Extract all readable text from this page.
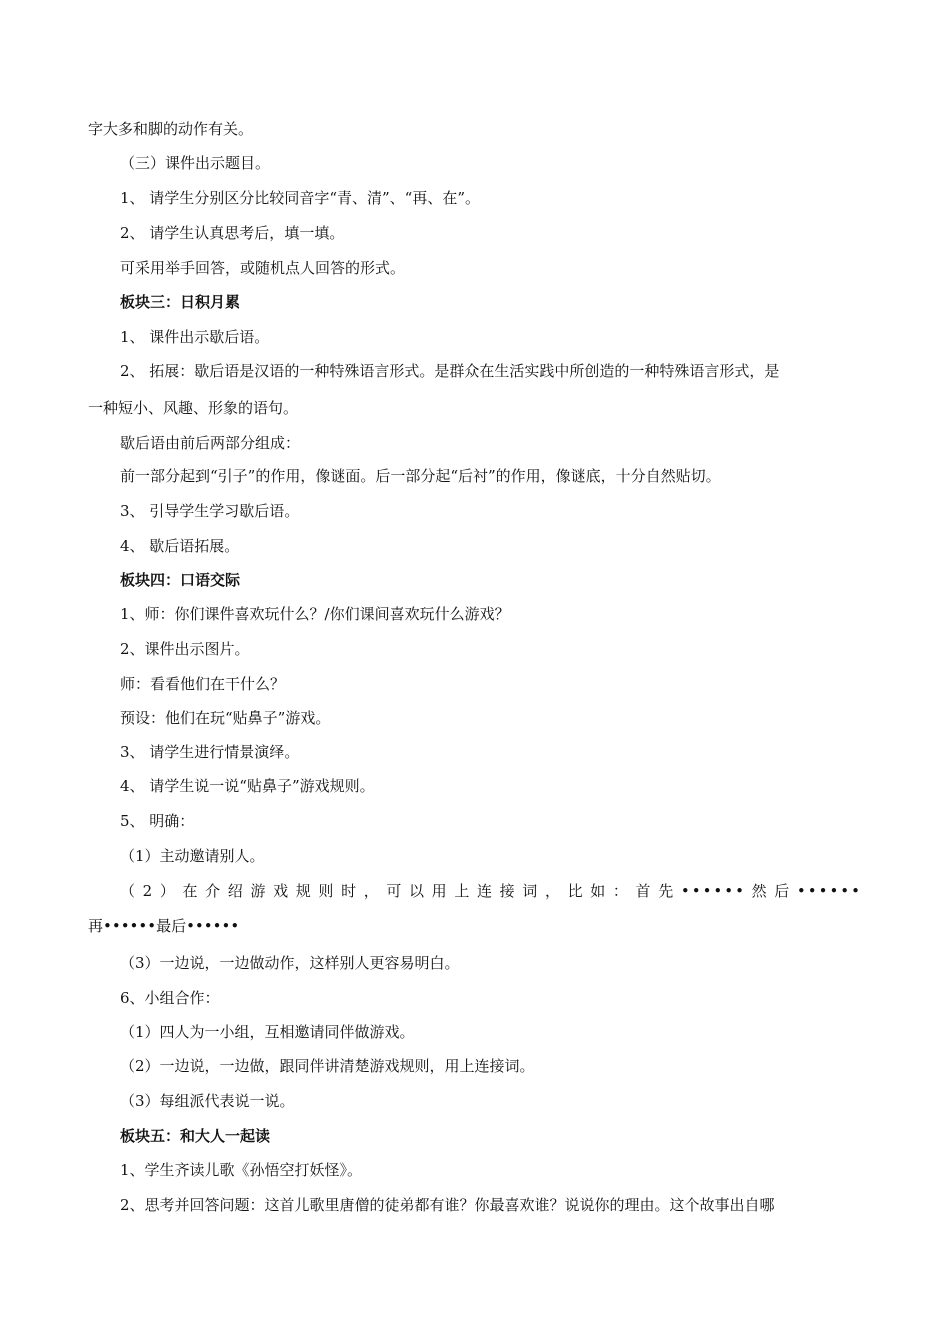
字大多和脚的动作有关。
（三）课件出示题目。
1、 请学生分别区分比较同音字“青、清”、“再、在”。
2、 请学生认真思考后，填一填。
可采用举手回答，或随机点人回答的形式。
板块三：日积月累
1、 课件出示歇后语。
2、 拓展：歇后语是汉语的一种特殊语言形式。是群众在生活实践中所创造的一种特殊语言形式，是
一种短小、风趣、形象的语句。
歇后语由前后两部分组成：
前一部分起到“引子”的作用，像谜面。后一部分起“后衬”的作用，像谜底，十分自然贴切。
3、 引导学生学习歇后语。
4、 歇后语拓展。
板块四：口语交际
1、师：你们课件喜欢玩什么？/你们课间喜欢玩什么游戏？
2、课件出示图片。
师：看看他们在干什么？
预设：他们在玩“贴鼻子”游戏。
3、 请学生进行情景演绎。
4、 请学生说一说“贴鼻子”游戏规则。
5、 明确：
（1）主动邀请别人。
（2）在介绍游戏规则时，可以用上连接词，比如：首先••••••然后••••••
再••••••最后••••••
（3）一边说，一边做动作，这样别人更容易明白。
6、小组合作：
（1）四人为一小组，互相邀请同伴做游戏。
（2）一边说，一边做，跟同伴讲清楚游戏规则，用上连接词。
（3）每组派代表说一说。
板块五：和大人一起读
1、学生齐读儿歌《孙悟空打妖怪》。
2、思考并回答问题：这首儿歌里唐僧的徒弟都有谁？你最喜欢谁？说说你的理由。这个故事出自哪
